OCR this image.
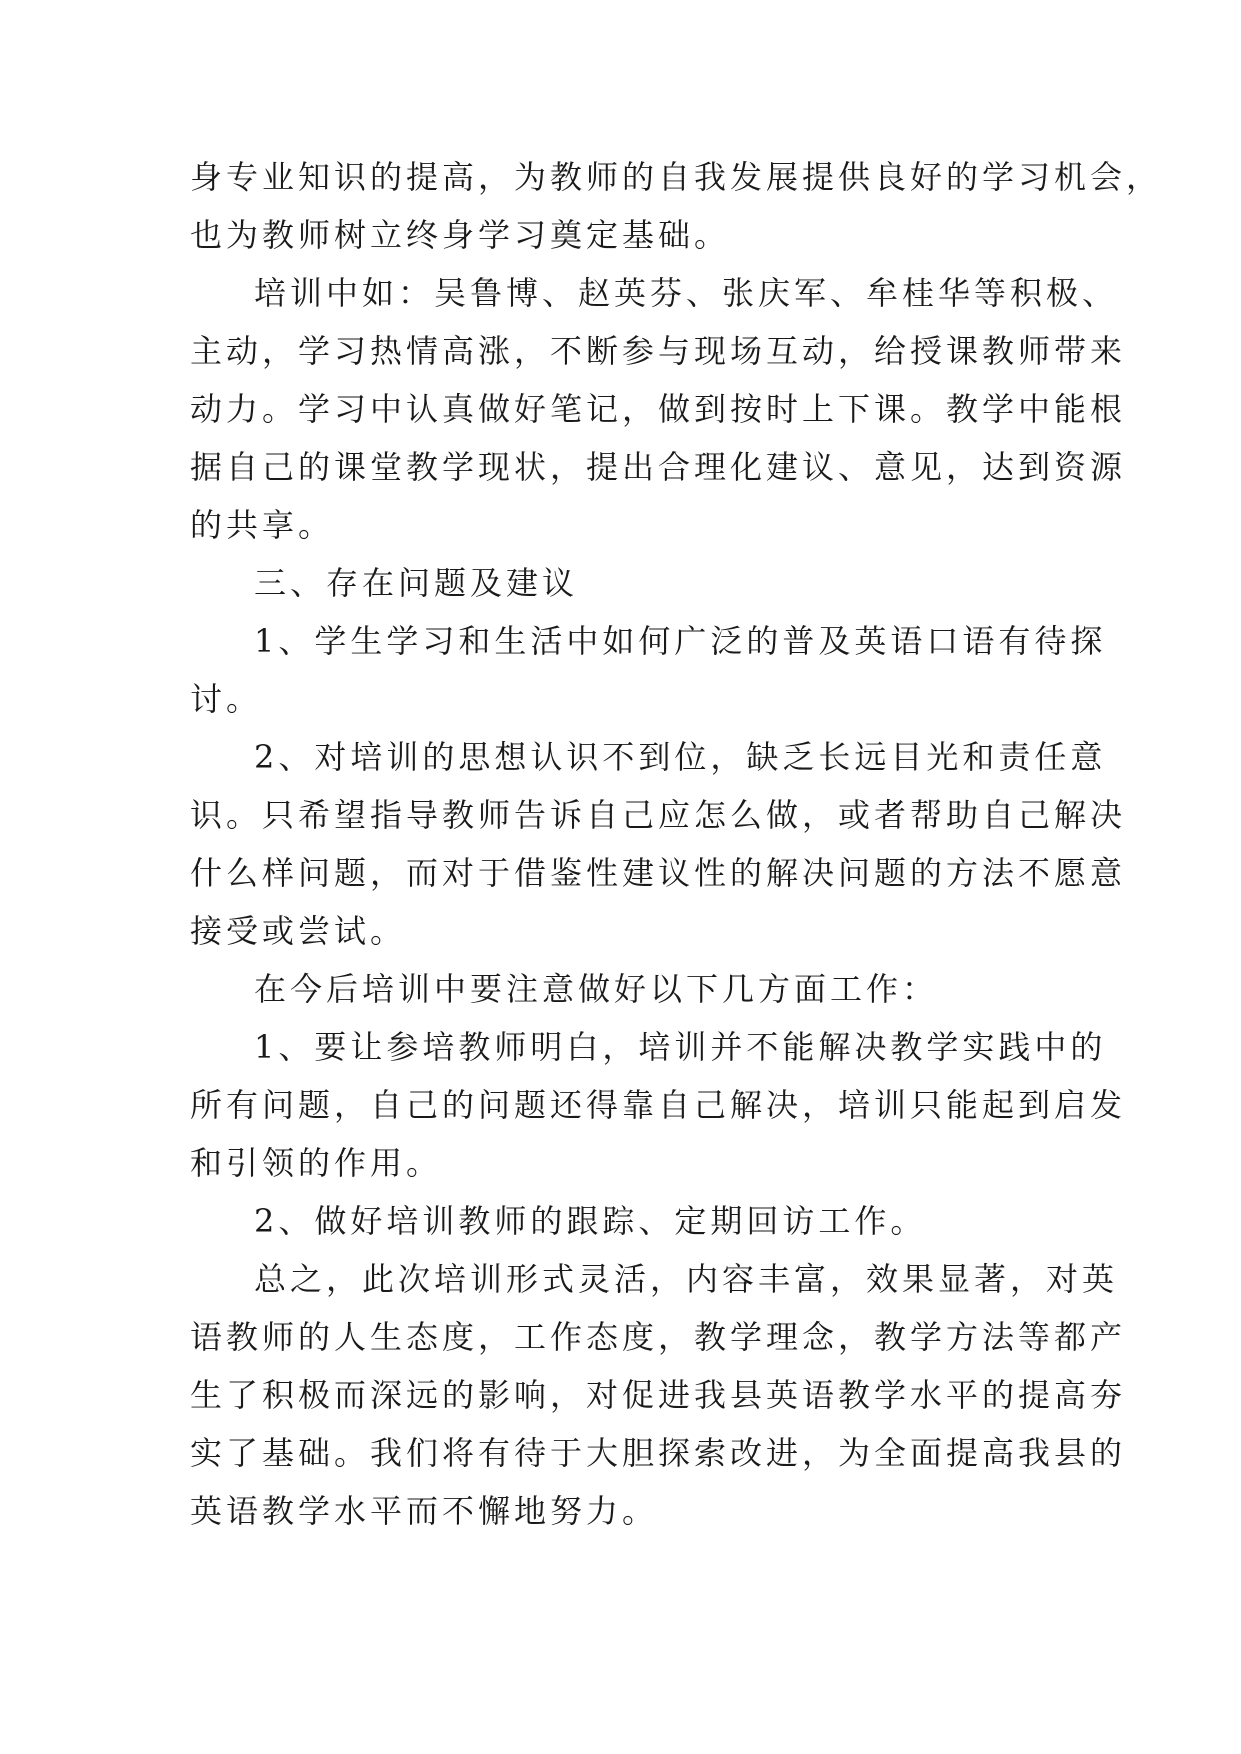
身专业知识的提高，为教师的自我发展提供良好的学习机会，
也为教师树立终身学习奠定基础。
培训中如：吴鲁博、赵英芬、张庆军、牟桂华等积极、
主动，学习热情高涨，不断参与现场互动，给授课教师带来
动力。学习中认真做好笔记，做到按时上下课。教学中能根
据自己的课堂教学现状，提出合理化建议、意见，达到资源
的共享。
三、存在问题及建议
1、学生学习和生活中如何广泛的普及英语口语有待探
讨。
2、对培训的思想认识不到位，缺乏长远目光和责任意
识。只希望指导教师告诉自己应怎么做，或者帮助自己解决
什么样问题，而对于借鉴性建议性的解决问题的方法不愿意
接受或尝试。
在今后培训中要注意做好以下几方面工作：
1、要让参培教师明白，培训并不能解决教学实践中的
所有问题，自己的问题还得靠自己解决，培训只能起到启发
和引领的作用。
2、做好培训教师的跟踪、定期回访工作。
总之，此次培训形式灵活，内容丰富，效果显著，对英
语教师的人生态度，工作态度，教学理念，教学方法等都产
生了积极而深远的影响，对促进我县英语教学水平的提高夯
实了基础。我们将有待于大胆探索改进，为全面提高我县的
英语教学水平而不懈地努力。
